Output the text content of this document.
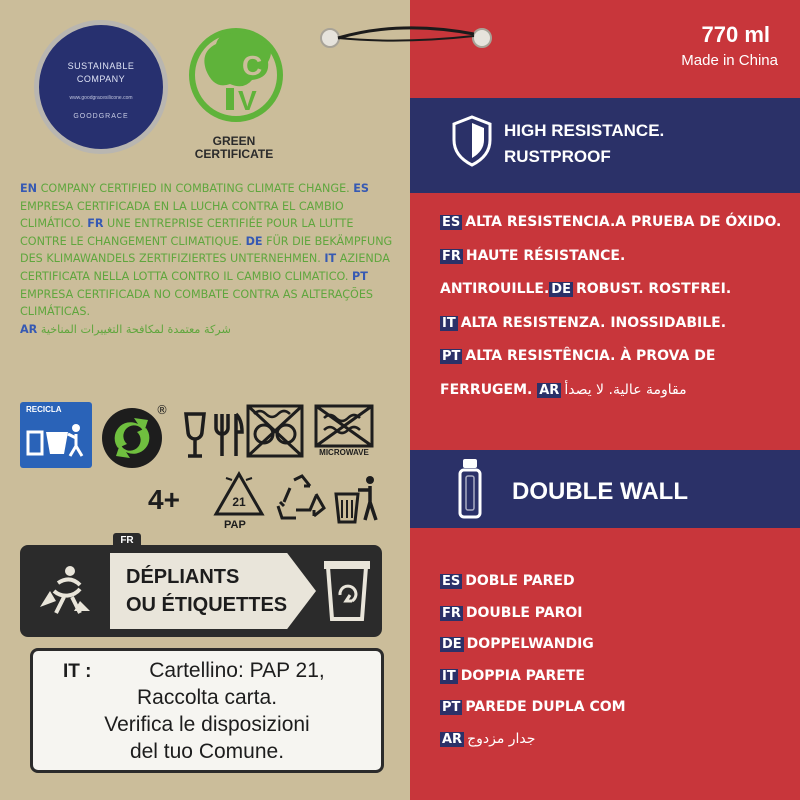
SUSTAINABLE
COMPANY
www.goodgracesilicone.com
GOODGRACE
C
V
GREEN
CERTIFICATE
EN COMPANY CERTIFIED IN COMBATING CLIMATE CHANGE. ES EMPRESA CERTIFICADA EN LA LUCHA CONTRA EL CAMBIO CLIMÁTICO. FR UNE ENTREPRISE CERTIFIÉE POUR LA LUTTE CONTRE LE CHANGEMENT CLIMATIQUE. DE FÜR DIE BEKÄMPFUNG DES KLIMAWANDELS ZERTIFIZIERTES UNTERNEHMEN. IT AZIENDA CERTIFICATA NELLA LOTTA CONTRO IL CAMBIO CLIMATICO. PT EMPRESA CERTIFICADA NO COMBATE CONTRA AS ALTERAÇÕES CLIMÁTICAS.
AR شركة معتمدة لمكافحة التغييرات المناخية
RECICLA	®
MICROWAVE
4+	21
PAP
FR
DÉPLIANTS
OU ÉTIQUETTES
IT :	Cartellino: PAP 21,
Raccolta carta.
Verifica le disposizioni
del tuo Comune.
770 ml
Made in China
HIGH RESISTANCE.
RUSTPROOF
ES ALTA RESISTENCIA.A PRUEBA DE ÓXIDO. FR HAUTE RÉSISTANCE. ANTIROUILLE. DE ROBUST. ROSTFREI. IT ALTA RESISTENZA. INOSSIDABILE. PT ALTA RESISTÊNCIA. À PROVA DE FERRUGEM. AR مقاومة عالية. لا يصدأ
DOUBLE WALL
ES DOBLE PARED
FR DOUBLE PAROI
DE DOPPELWANDIG
IT DOPPIA PARETE
PT PAREDE DUPLA COM
AR جدار مزدوج
